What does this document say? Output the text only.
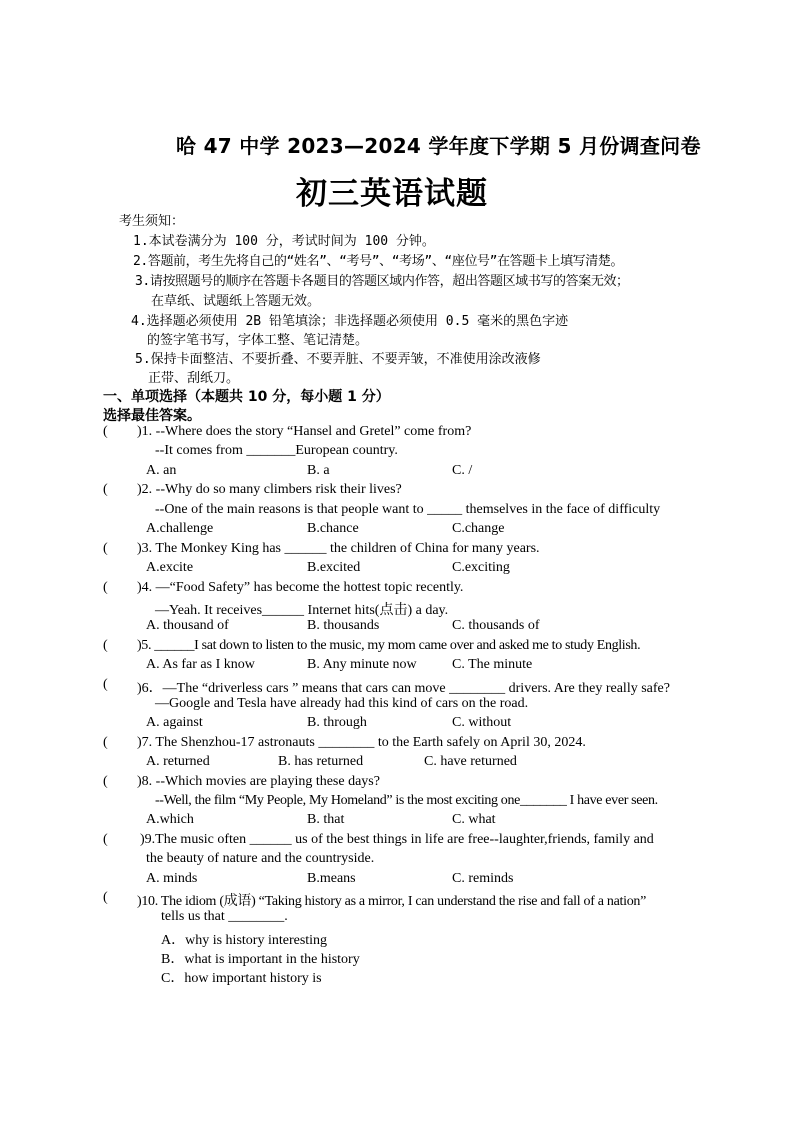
哈 47 中学 2023—2024 学年度下学期 5 月份调查问卷
初三英语试题
考生须知：
1.本试卷满分为 100 分，考试时间为 100 分钟。
2.答题前，考生先将自己的“姓名”、“考号”、“考场”、“座位号”在答题卡上填写清楚。
3.请按照题号的顺序在答题卡各题目的答题区域内作答，超出答题区域书写的答案无效；
在草纸、试题纸上答题无效。
4.选择题必须使用 2B 铅笔填涂；非选择题必须使用 0.5 毫米的黑色字迹
的签字笔书写，字体工整、笔记清楚。
5.保持卡面整洁、不要折叠、不要弄脏、不要弄皱，不准使用涂改液修
正带、刮纸刀。
一、单项选择（本题共 10 分，每小题 1 分）
选择最佳答案。
( )1. --Where does the story “Hansel and Gretel” come from?
--It comes from _______European country.
A. an	B. a	C. /
( )2. --Why do so many climbers risk their lives?
--One of the main reasons is that people want to _____ themselves in the face of difficulty
A.challenge	B.chance	C.change
( )3. The Monkey King has ______ the children of China for many years.
A.excite	B.excited	C.exciting
( )4. —“Food Safety” has become the hottest topic recently.
—Yeah. It receives______ Internet hits(点击) a day.
A. thousand of	B. thousands	C. thousands of
( )5. ______I sat down to listen to the music, my mom came over and asked me to study English.
A. As far as I know	B. Any minute now	C. The minute
( )6．—The “driverless cars ” means that cars can move ________ drivers. Are they really safe?
—Google and Tesla have already had this kind of cars on the road.
A. against	B. through	C. without
( )7. The Shenzhou-17 astronauts ________ to the Earth safely on April 30, 2024.
A. returned	B. has returned	C. have returned
( )8. --Which movies are playing these days?
--Well, the film “My People, My Homeland” is the most exciting one_______ I have ever seen.
A.which	B. that	C. what
( )9.The music often ______ us of the best things in life are free--laughter,friends, family and
the beauty of nature and the countryside.
A. minds	B.means	C. reminds
( )10. The idiom (成语) “Taking history as a mirror, I can understand the rise and fall of a nation”
tells us that ________.
A．why is history interesting
B．what is important in the history
C．how important history is
